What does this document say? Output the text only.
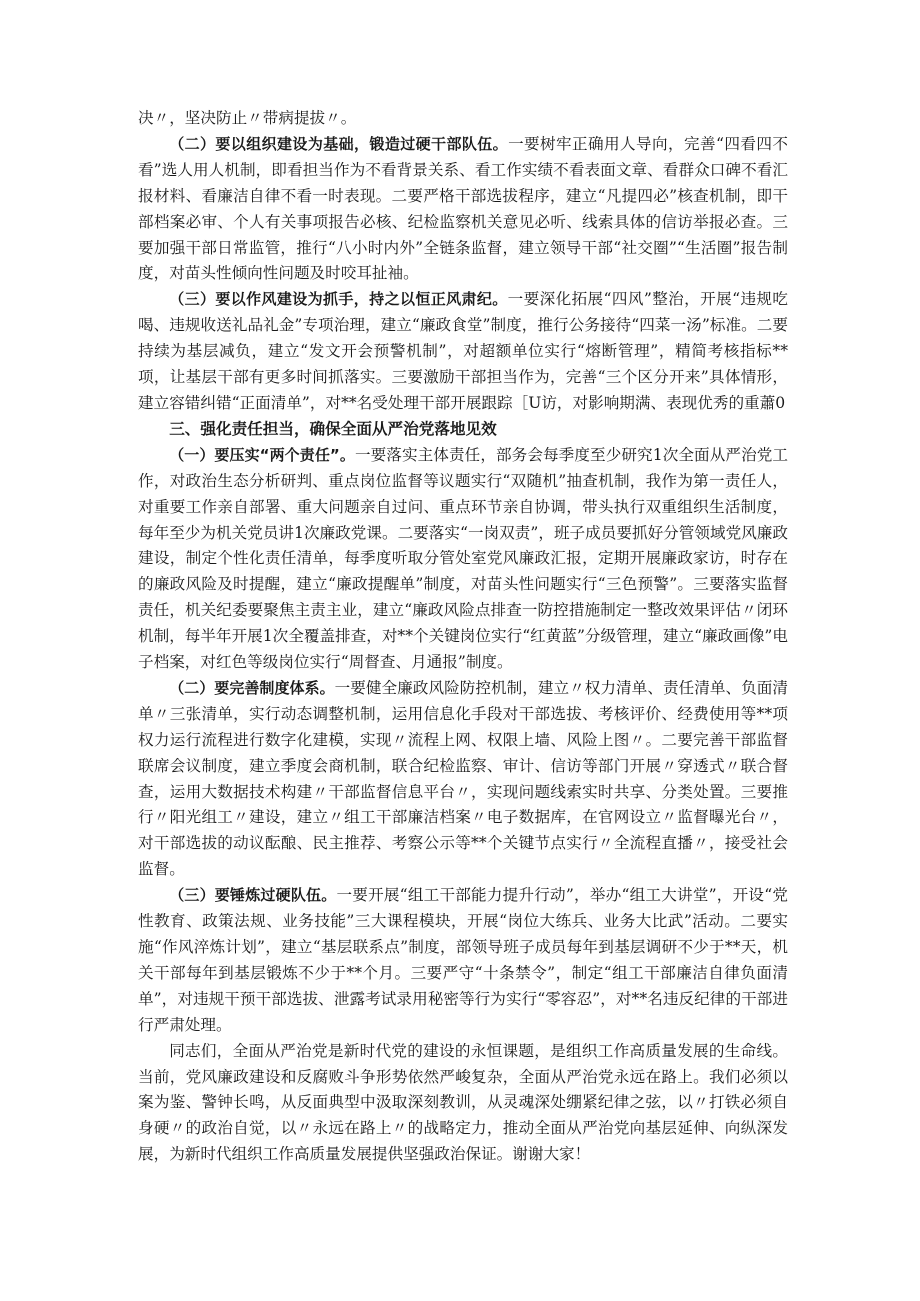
决〃，坚决防止〃带病提拔〃。

（二）要以组织建设为基础，锻造过硬干部队伍。一要树牢正确用人导向，完善“四看四不看”选人用人机制，即看担当作为不看背景关系、看工作实绩不看表面文章、看群众口碑不看汇报材料、看廉洁自律不看一时表现。二要严格干部选拔程序，建立“凡提四必”核查机制，即干部档案必审、个人有关事项报告必核、纪检监察机关意见必听、线索具体的信访举报必查。三要加强干部日常监管，推行“八小时内外”全链条监督，建立领导干部“社交圈”“生活圈”报告制度，对苗头性倾向性问题及时咬耳扯袖。

（三）要以作风建设为抓手，持之以恒正风肃纪。一要深化拓展“四风”整治，开展“违规吃喝、违规收送礼品礼金”专项治理，建立“廉政食堂”制度，推行公务接待“四菜一汤”标准。二要持续为基层减负，建立“发文开会预警机制”，对超额单位实行“熔断管理”，精简考核指标**项，让基层干部有更多时间抓落实。三要激励干部担当作为，完善“三个区分开来”具体情形，建立容错纠错“正面清单”，对**名受处理干部开展跟踪［U访，对影响期满、表现优秀的重蕭0

三、强化责任担当，确保全面从严治党落地见效

（一）要压实“两个责任”。一要落实主体责任，部务会每季度至少研究1次全面从严治党工作，对政治生态分析研判、重点岗位监督等议题实行“双随机”抽查机制，我作为第一责任人，对重要工作亲自部署、重大问题亲自过问、重点环节亲自协调，带头执行双重组织生活制度，每年至少为机关党员讲1次廉政党课。二要落实“一岗双责”，班子成员要抓好分管领域党风廉政建设，制定个性化责任清单，每季度听取分管处室党风廉政汇报，定期开展廉政家访，时存在的廉政风险及时提醒，建立“廉政提醒单”制度，对苗头性问题实行“三色预警”。三要落实监督责任，机关纪委要聚焦主责主业，建立“廉政风险点排查一防控措施制定一整改效果评估〃闭环机制，每半年开展1次全覆盖排查，对**个关键岗位实行“红黄蓝”分级管理，建立“廉政画像”电子档案，对红色等级岗位实行“周督查、月通报”制度。

（二）要完善制度体系。一要健全廉政风险防控机制，建立〃权力清单、责任清单、负面清单〃三张清单，实行动态调整机制，运用信息化手段对干部选拔、考核评价、经费使用等**项权力运行流程进行数字化建模，实现〃流程上网、权限上墙、风险上图〃。二要完善干部监督联席会议制度，建立季度会商机制，联合纪检监察、审计、信访等部门开展〃穿透式〃联合督查，运用大数据技术构建〃干部监督信息平台〃，实现问题线索实时共享、分类处置。三要推行〃阳光组工〃建设，建立〃组工干部廉洁档案〃电子数据库，在官网设立〃监督曝光台〃，对干部选拔的动议酝酿、民主推荐、考察公示等**个关键节点实行〃全流程直播〃，接受社会监督。

（三）要锤炼过硬队伍。一要开展“组工干部能力提升行动”，举办“组工大讲堂”，开设“党性教育、政策法规、业务技能”三大课程模块，开展“岗位大练兵、业务大比武”活动。二要实施“作风淬炼计划”，建立“基层联系点”制度，部领导班子成员每年到基层调研不少于**天，机关干部每年到基层锻炼不少于**个月。三要严守“十条禁令”，制定“组工干部廉洁自律负面清单”，对违规干预干部选拔、泄露考试录用秘密等行为实行“零容忍”，对**名违反纪律的干部进行严肃处理。

同志们，全面从严治党是新时代党的建设的永恒课题，是组织工作高质量发展的生命线。当前，党风廉政建设和反腐败斗争形势依然严峻复杂，全面从严治党永远在路上。我们必须以案为鉴、警钟长鸣，从反面典型中汲取深刻教训，从灵魂深处绷紧纪律之弦，以〃打铁必须自身硬〃的政治自觉，以〃永远在路上〃的战略定力，推动全面从严治党向基层延伸、向纵深发展，为新时代组织工作高质量发展提供坚强政治保证。谢谢大家！
